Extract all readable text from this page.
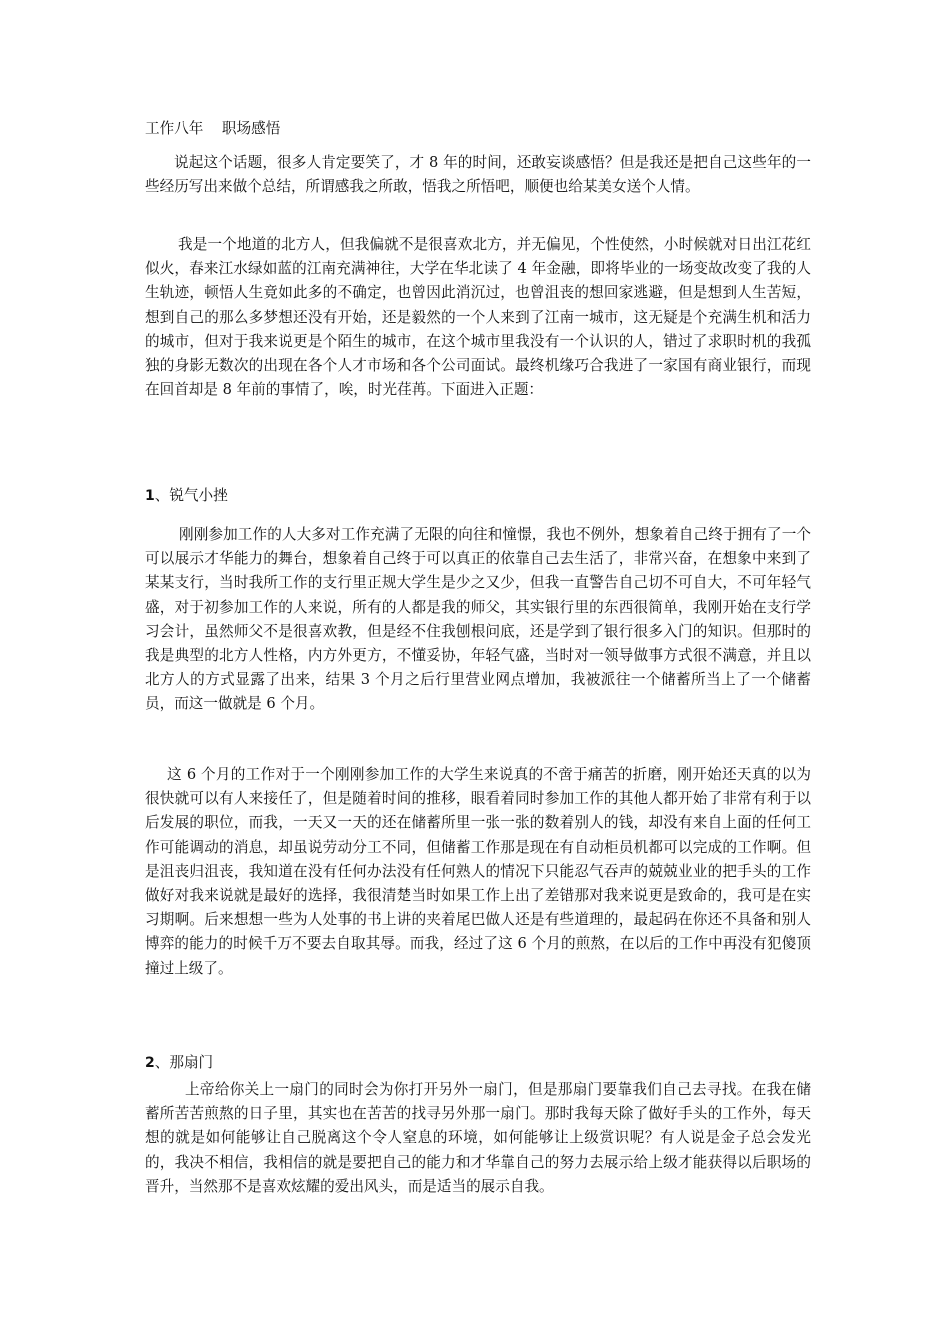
工作八年    职场感悟

说起这个话题，很多人肯定要笑了，才 8 年的时间，还敢妄谈感悟？但是我还是把自己这些年的一些经历写出来做个总结，所谓感我之所敢，悟我之所悟吧，顺便也给某美女送个人情。

我是一个地道的北方人，但我偏就不是很喜欢北方，并无偏见，个性使然，小时候就对日出江花红似火，春来江水绿如蓝的江南充满神往，大学在华北读了 4 年金融，即将毕业的一场变故改变了我的人生轨迹，顿悟人生竟如此多的不确定，也曾因此消沉过，也曾沮丧的想回家逃避，但是想到人生苦短，想到自己的那么多梦想还没有开始，还是毅然的一个人来到了江南一城市，这无疑是个充满生机和活力的城市，但对于我来说更是个陌生的城市，在这个城市里我没有一个认识的人，错过了求职时机的我孤独的身影无数次的出现在各个人才市场和各个公司面试。最终机缘巧合我进了一家国有商业银行，而现在回首却是 8 年前的事情了，唉，时光荏苒。下面进入正题：

1、锐气小挫

刚刚参加工作的人大多对工作充满了无限的向往和憧憬，我也不例外，想象着自己终于拥有了一个可以展示才华能力的舞台，想象着自己终于可以真正的依靠自己去生活了，非常兴奋，在想象中来到了某某支行，当时我所工作的支行里正规大学生是少之又少，但我一直警告自己切不可自大，不可年轻气盛，对于初参加工作的人来说，所有的人都是我的师父，其实银行里的东西很简单，我刚开始在支行学习会计，虽然师父不是很喜欢教，但是经不住我刨根问底，还是学到了银行很多入门的知识。但那时的我是典型的北方人性格，内方外更方，不懂妥协，年轻气盛，当时对一领导做事方式很不满意，并且以北方人的方式显露了出来，结果 3 个月之后行里营业网点增加，我被派往一个储蓄所当上了一个储蓄员，而这一做就是 6 个月。

这 6 个月的工作对于一个刚刚参加工作的大学生来说真的不啻于痛苦的折磨，刚开始还天真的以为很快就可以有人来接任了，但是随着时间的推移，眼看着同时参加工作的其他人都开始了非常有利于以后发展的职位，而我，一天又一天的还在储蓄所里一张一张的数着别人的钱，却没有来自上面的任何工作可能调动的消息，却虽说劳动分工不同，但储蓄工作那是现在有自动柜员机都可以完成的工作啊。但是沮丧归沮丧，我知道在没有任何办法没有任何熟人的情况下只能忍气吞声的兢兢业业的把手头的工作做好对我来说就是最好的选择，我很清楚当时如果工作上出了差错那对我来说更是致命的，我可是在实习期啊。后来想想一些为人处事的书上讲的夹着尾巴做人还是有些道理的，最起码在你还不具备和别人博弈的能力的时候千万不要去自取其辱。而我，经过了这 6 个月的煎熬，在以后的工作中再没有犯傻顶撞过上级了。

2、那扇门

上帝给你关上一扇门的同时会为你打开另外一扇门，但是那扇门要靠我们自己去寻找。在我在储蓄所苦苦煎熬的日子里，其实也在苦苦的找寻另外那一扇门。那时我每天除了做好手头的工作外，每天想的就是如何能够让自己脱离这个令人窒息的环境，如何能够让上级赏识呢？有人说是金子总会发光的，我决不相信，我相信的就是要把自己的能力和才华靠自己的努力去展示给上级才能获得以后职场的晋升，当然那不是喜欢炫耀的爱出风头，而是适当的展示自我。
